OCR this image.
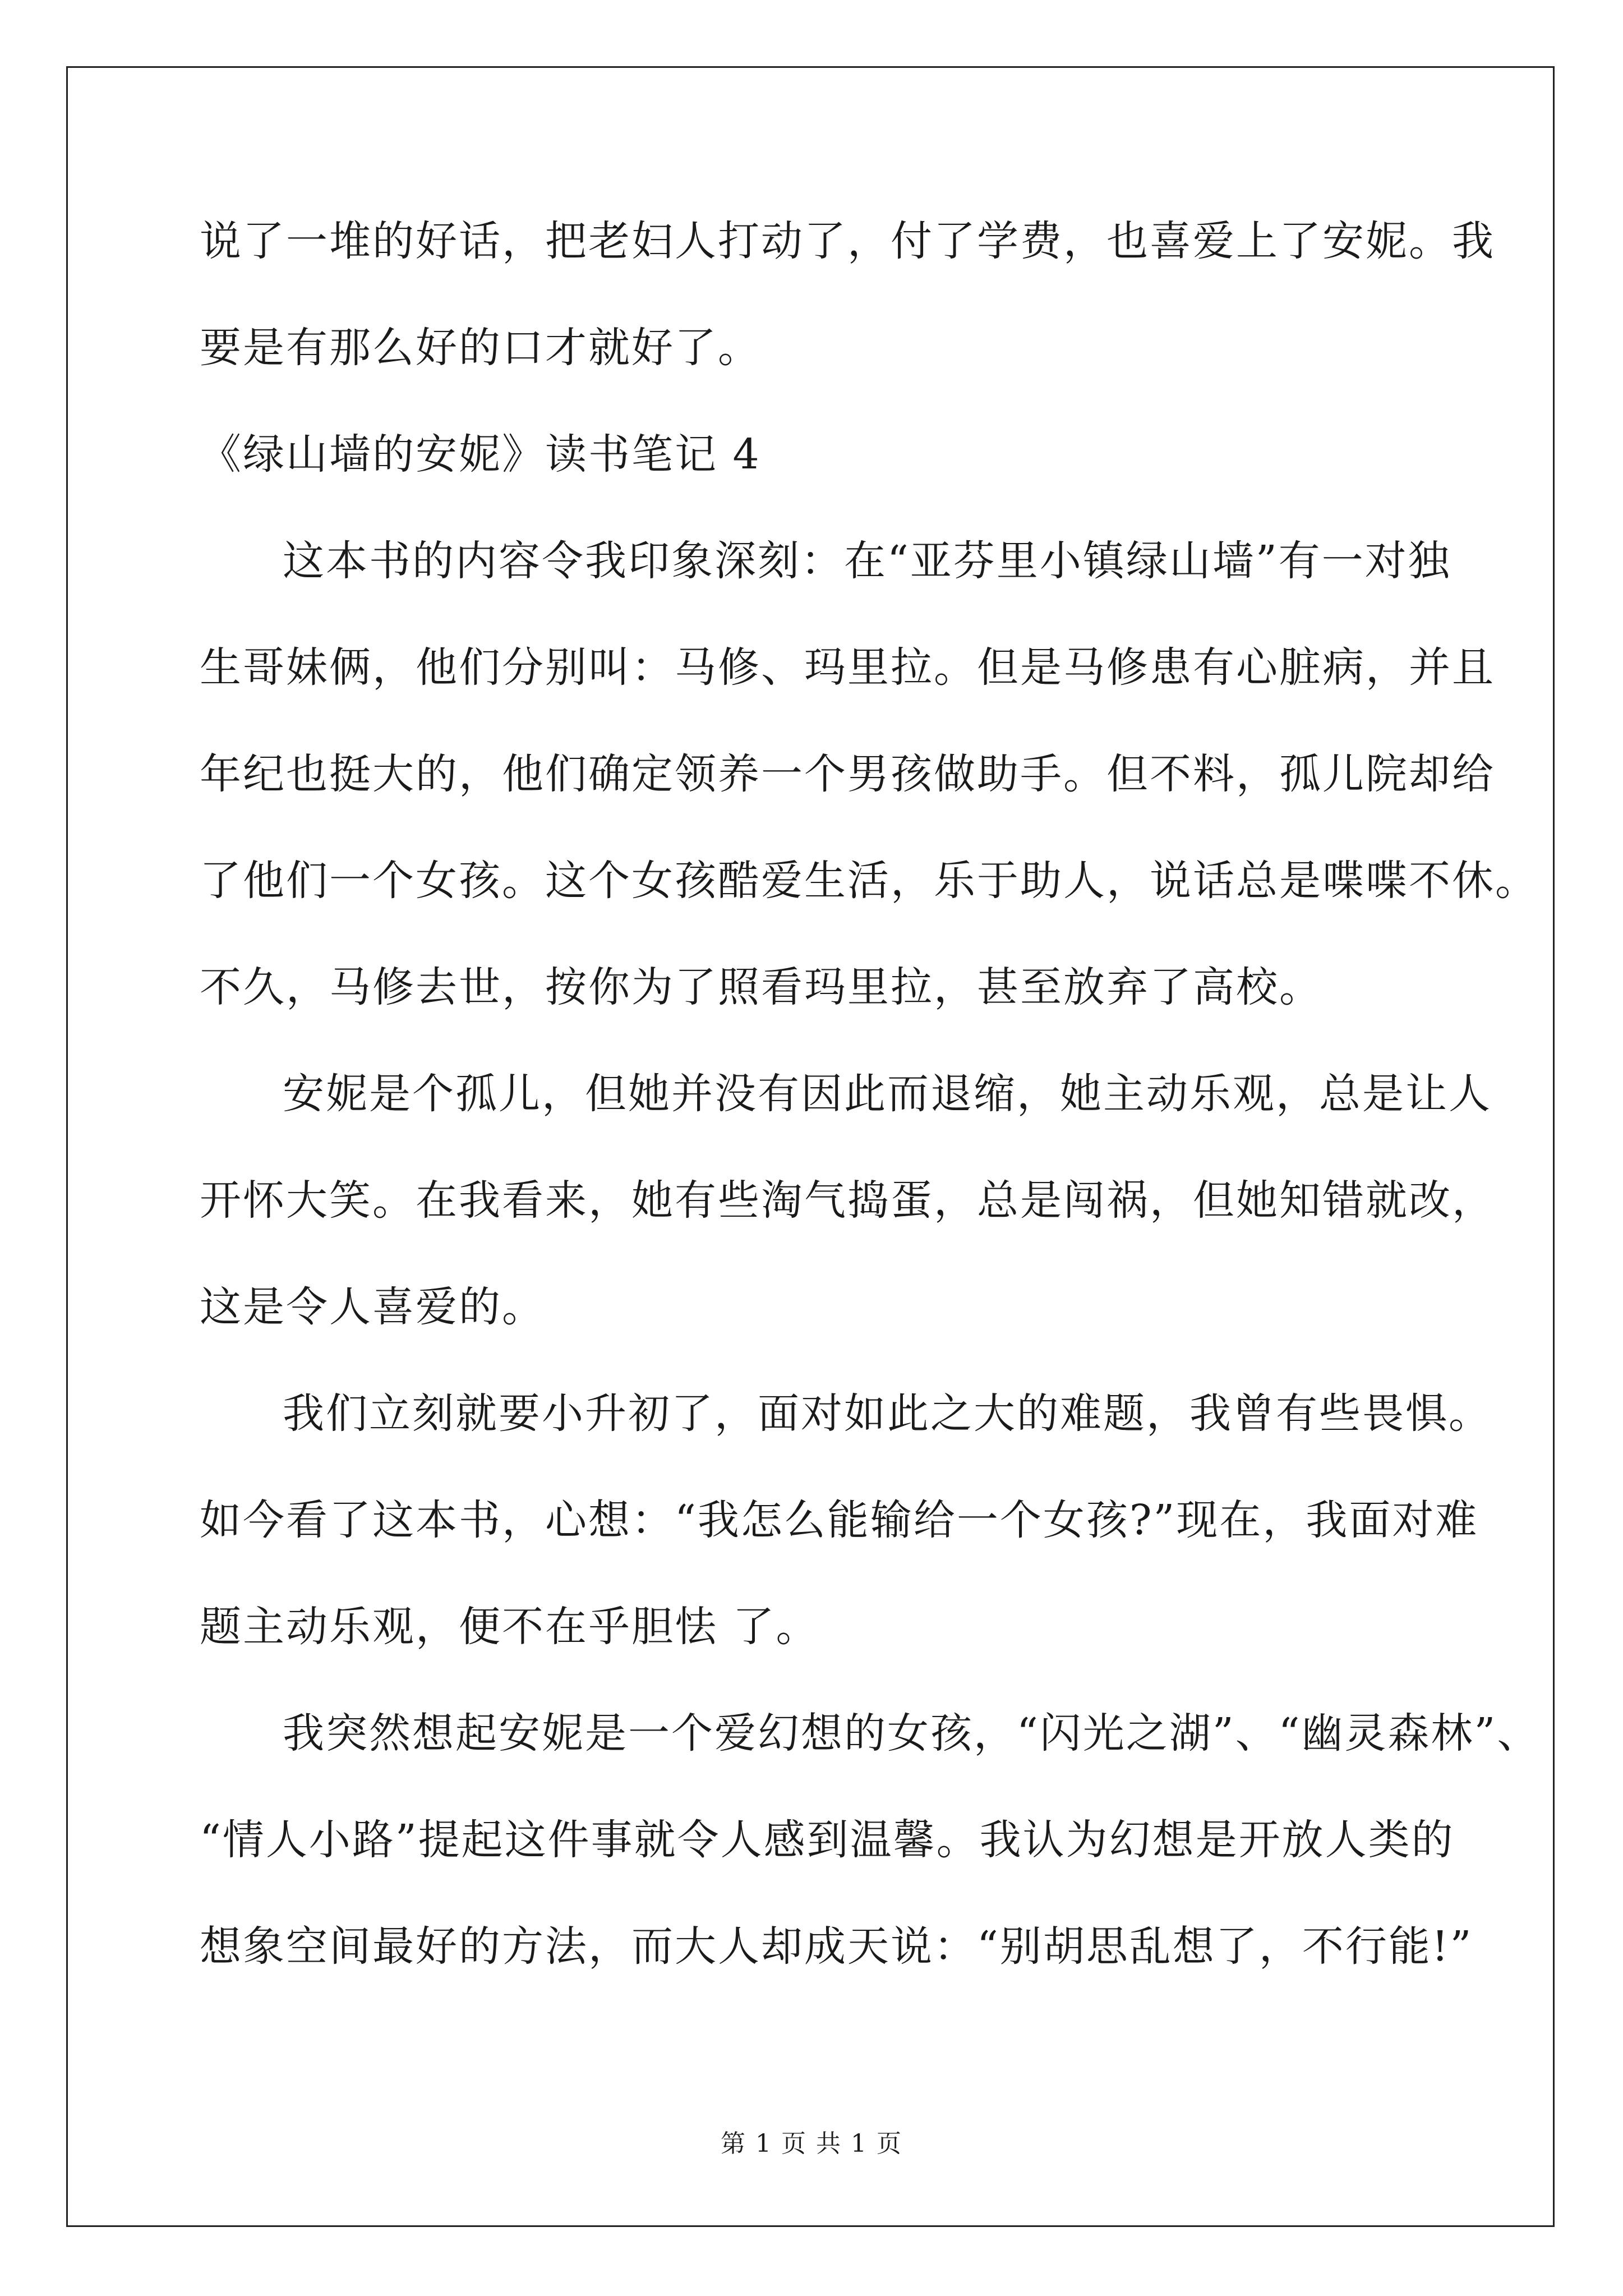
说了一堆的好话，把老妇人打动了，付了学费，也喜爱上了安妮。我
要是有那么好的口才就好了。
《绿山墙的安妮》读书笔记 4
这本书的内容令我印象深刻：在“亚芬里小镇绿山墙”有一对独
生哥妹俩，他们分别叫：马修、玛里拉。但是马修患有心脏病，并且
年纪也挺大的，他们确定领养一个男孩做助手。但不料，孤儿院却给
了他们一个女孩。这个女孩酷爱生活，乐于助人，说话总是喋喋不休。
不久，马修去世，按你为了照看玛里拉，甚至放弃了高校。
安妮是个孤儿，但她并没有因此而退缩，她主动乐观，总是让人
开怀大笑。在我看来，她有些淘气捣蛋，总是闯祸，但她知错就改，
这是令人喜爱的。
我们立刻就要小升初了，面对如此之大的难题，我曾有些畏惧。
如今看了这本书，心想：“我怎么能输给一个女孩?”现在，我面对难
题主动乐观，便不在乎胆怯 了。
我突然想起安妮是一个爱幻想的女孩，“闪光之湖”、“幽灵森林”、
“情人小路”提起这件事就令人感到温馨。我认为幻想是开放人类的
想象空间最好的方法，而大人却成天说：“别胡思乱想了，不行能!”
第 1 页 共 1 页
